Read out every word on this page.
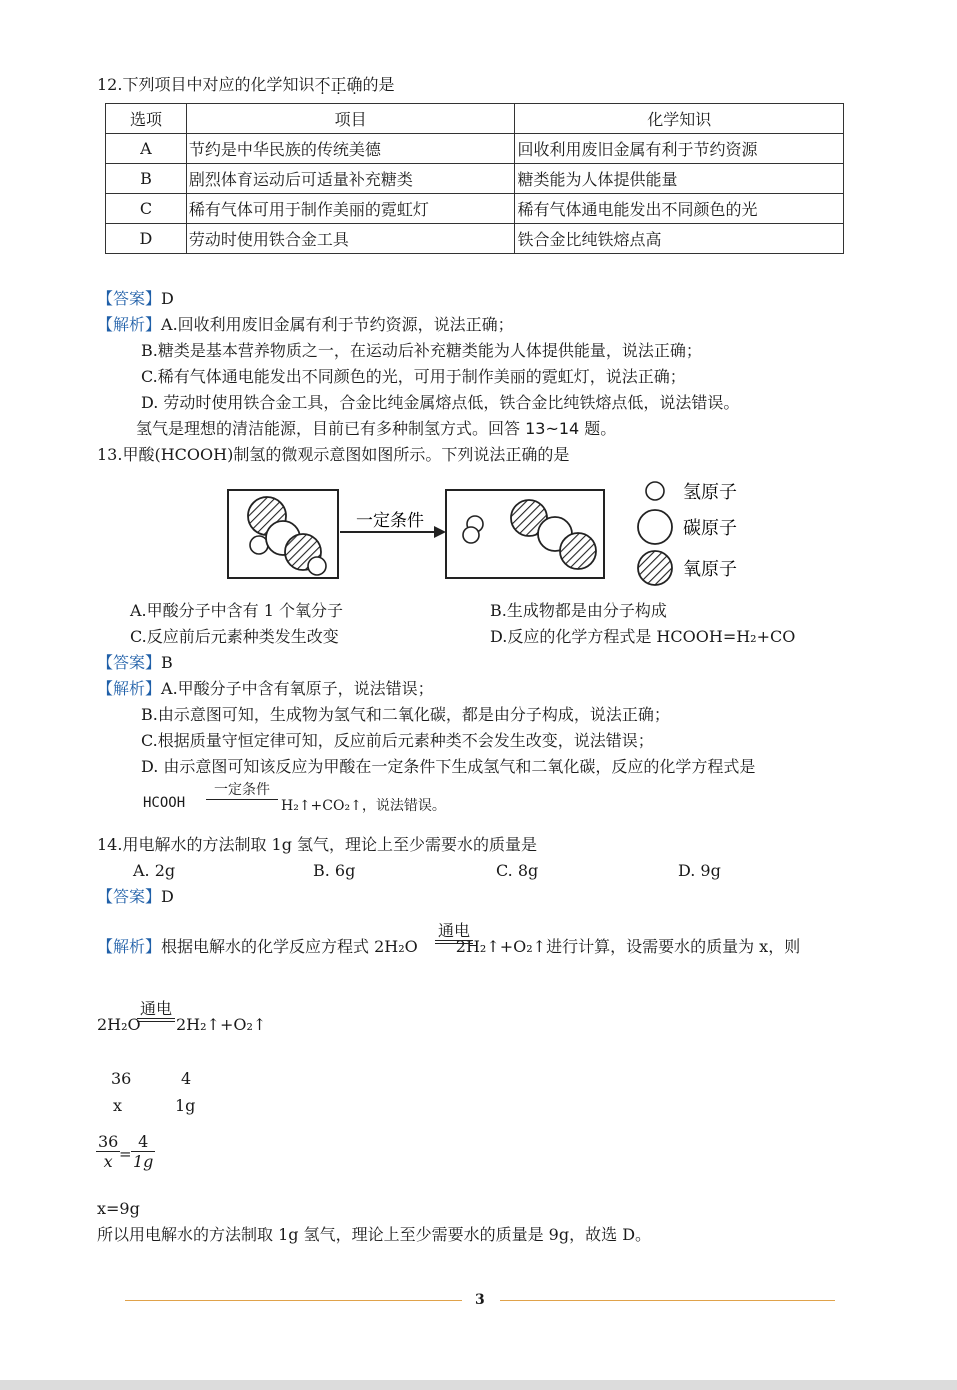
12.下列项目中对应的化学知识不正确的是
选项	项目	化学知识
A	节约是中华民族的传统美德	回收利用废旧金属有利于节约资源
B	剧烈体育运动后可适量补充糖类	糖类能为人体提供能量
C	稀有气体可用于制作美丽的霓虹灯	稀有气体通电能发出不同颜色的光
D	劳动时使用铁合金工具	铁合金比纯铁熔点高
【答案】D
【解析】A.回收利用废旧金属有利于节约资源，说法正确；
B.糖类是基本营养物质之一，在运动后补充糖类能为人体提供能量，说法正确；
C.稀有气体通电能发出不同颜色的光，可用于制作美丽的霓虹灯，说法正确；
D. 劳动时使用铁合金工具，合金比纯金属熔点低，铁合金比纯铁熔点低，说法错误。
氢气是理想的清洁能源，目前已有多种制氢方式。回答 13~14 题。
13.甲酸(HCOOH)制氢的微观示意图如图所示。下列说法正确的是
一定条件
氢原子
碳原子
氧原子
A.甲酸分子中含有 1 个氧分子	B.生成物都是由分子构成
C.反应前后元素种类发生改变	D.反应的化学方程式是 HCOOH=H₂+CO
【答案】B
【解析】A.甲酸分子中含有氧原子，说法错误；
B.由示意图可知，生成物为氢气和二氧化碳，都是由分子构成，说法正确；
C.根据质量守恒定律可知，反应前后元素种类不会发生改变，说法错误；
D. 由示意图可知该反应为甲酸在一定条件下生成氢气和二氧化碳，反应的化学方程式是
HCOOH
一定条件
H₂↑+CO₂↑，说法错误。
14.用电解水的方法制取 1g 氢气，理论上至少需要水的质量是
A. 2g	B. 6g	C. 8g	D. 9g
【答案】D
【解析】根据电解水的化学反应方程式 2H₂O 2H₂↑+O₂↑进行计算，设需要水的质量为 x，则
通电
2H₂O
通电
2H₂↑+O₂↑
36	4
x	1g
$\frac{36}{x}$
= $\frac{4}{1g}$
x=9g
所以用电解水的方法制取 1g 氢气，理论上至少需要水的质量是 9g，故选 D。
3
